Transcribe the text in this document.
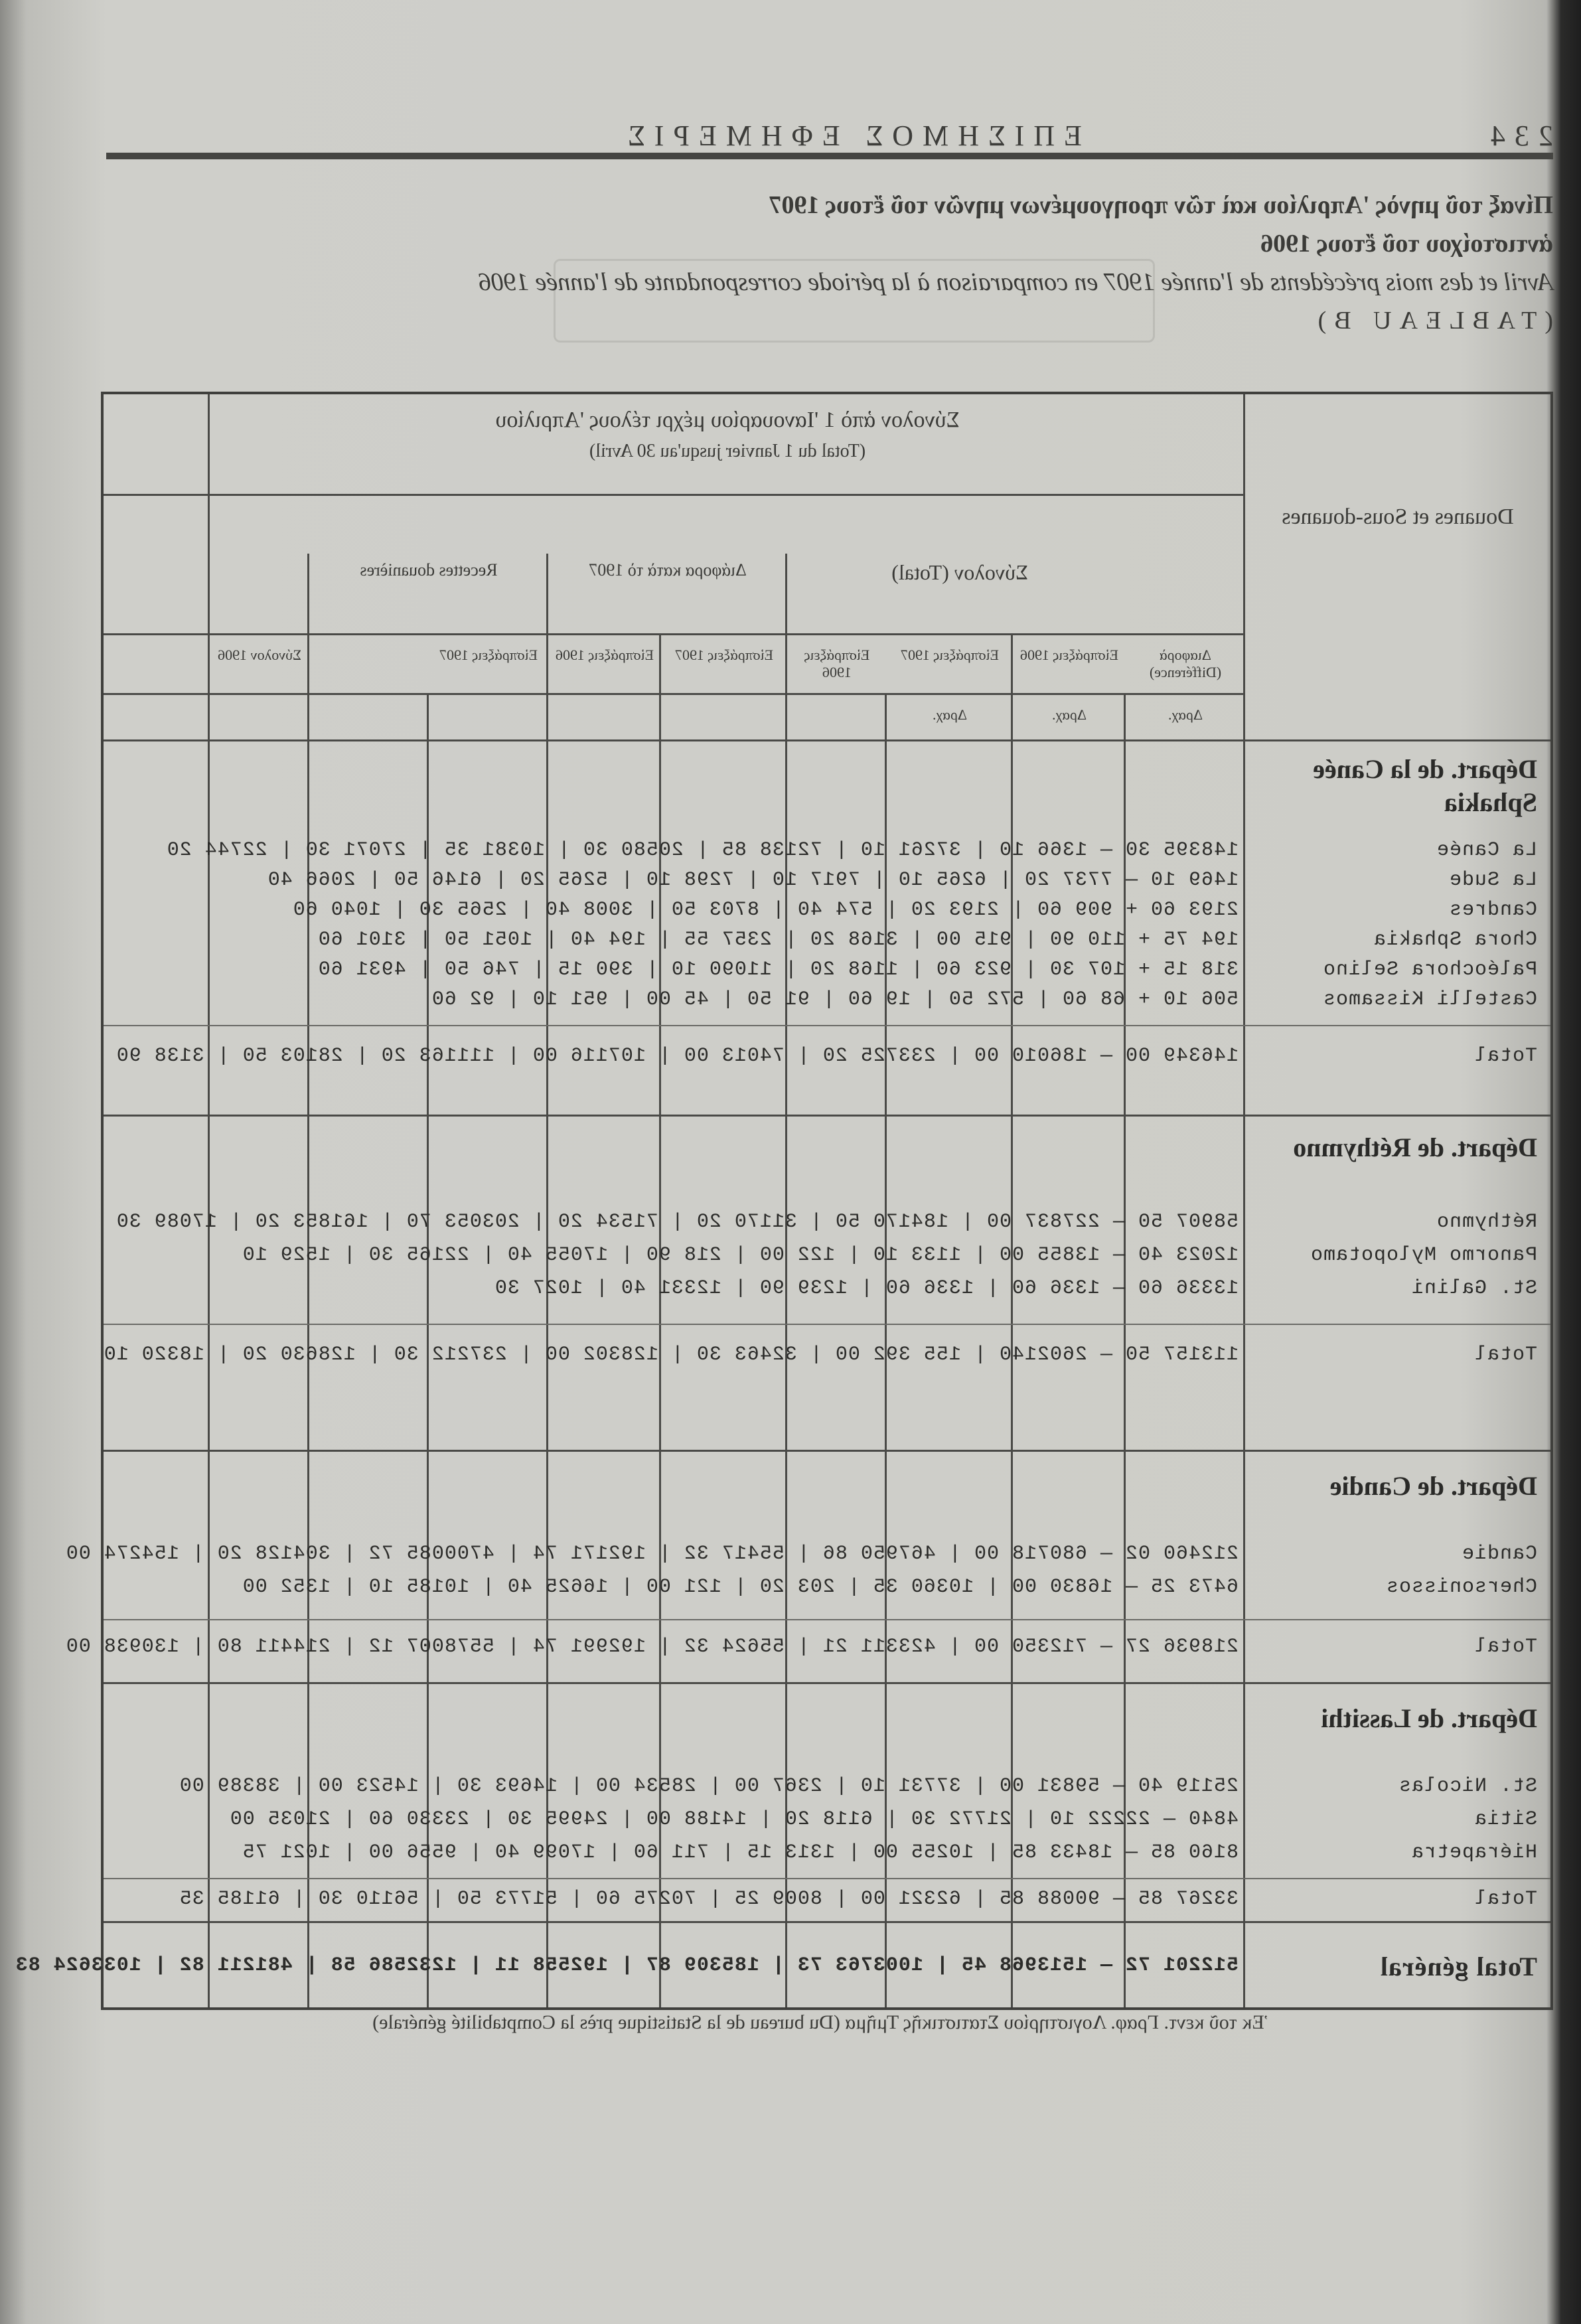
234
ΕΠΙΣΗΜΟΣ ΕΦΗΜΕΡΙΣ
Πίναξ τοῦ μηνὸς 'Απριλίου καὶ τῶν προηγουμένων μηνῶν τοῦ ἔτους 1907
ἀντιστοίχου τοῦ ἔτους 1906
Avril et des mois précédents de l'année 1907 en comparaison à la période correspondante de l'année 1906
(TABLEAU B)
Σύνολον ἀπὸ 1 'Ιανουαρίου μέχρι τέλους 'Απριλίου
(Total du 1 Janvier jusqu'au 30 Avril)
Douanes et Sous-douanes
Σύνολον (Total)
Διάφορα κατὰ τὸ 1907
Recettes douanières
Διαφορὰ (Différence)
Εἰσπράξεις 1906
Εἰσπράξεις 1907
Εἰσπράξεις 1906
Εἰσπράξεις 1907
Εἰσπράξεις 1906
Εἰσπράξεις 1907
Σύνολον 1906
Δραχ.
Δραχ.
Δραχ.
Départ. de la Canée Sphakia
La Canée
148395 30 — 1366 10 | 37261 10 | 72138 85 | 20580 30 | 10381 35 | 27071 30 | 22744 20
La Sude
1469 10 — 7737 20 | 6265 10 | 7917 10 | 7298 10 | 5265 20 | 6146 50 | 2066 40
Candres
2193 60 + 909 60 | 2193 20 | 574 40 | 8703 50 | 3008 40 | 2565 30 | 1040 60
Chora Sphakia
194 75 + 110 90 | 915 00 | 3168 20 | 2357 55 | 194 40 | 1051 50 | 3101 60
Paléochora Selino
318 15 + 107 30 | 923 60 | 1168 20 | 11090 10 | 390 15 | 746 50 | 4931 60
Castelli Kissamos
506 10 + 68 60 | 572 50 | 19 60 | 91 50 | 45 00 | 951 10 | 92 60
Total
146349 00 — 186010 00 | 233725 20 | 74013 00 | 107116 00 | 111163 20 | 28103 50 | 3138 90
Départ. de Réthymno
Réthymno
58907 50 — 227837 00 | 184170 50 | 31170 20 | 71534 20 | 203053 70 | 161853 20 | 17089 30
Panormo Mylopotamo
12023 40 — 13855 00 | 1133 10 | 122 00 | 218 90 | 17055 40 | 22165 30 | 1529 10
St. Galini
13336 60 — 1336 60 | 1336 60 | 1239 90 | 12331 40 | 1027 30
Total
113157 50 — 2602140 | 155 392 00 | 32463 30 | 128302 00 | 237212 30 | 128630 20 | 18320 10
Départ. de Candie
Candie
212460 02 — 680718 00 | 467950 86 | 55417 32 | 192171 74 | 4700085 72 | 304128 20 | 154274 00
Chersonissos
6473 25 — 16830 00 | 10360 35 | 203 20 | 121 00 | 16625 40 | 10185 10 | 1352 00
Total
218936 27 — 712350 00 | 423311 21 | 55624 32 | 192991 74 | 5578007 12 | 214411 80 | 130938 00
Départ. de Lassithi
St. Nicolas
25119 40 — 59831 00 | 37731 10 | 2367 00 | 28534 00 | 14693 30 | 14523 00 | 38389 00
Sitia
4840 — 22222 10 | 21772 30 | 6118 20 | 14188 00 | 24995 30 | 23330 60 | 21035 00
Hiérapetra
8160 85 — 18433 85 | 10255 00 | 1313 15 | 711 60 | 17099 40 | 9556 00 | 1021 75
Total
33267 85 — 90088 85 | 62321 00 | 8009 25 | 70275 60 | 51773 50 | 56110 30 | 61185 35
Total général
512201 72 — 1513968 45 | 1003763 73 | 185309 87 | 192558 11 | 1232586 58 | 481211 82 | 1033624 83
Ἐκ τοῦ κεντ. Γραφ. Λογιστηρίου Στατιστικῆς Τμῆμα (Du bureau de la Statistique près la Comptabilité générale)
